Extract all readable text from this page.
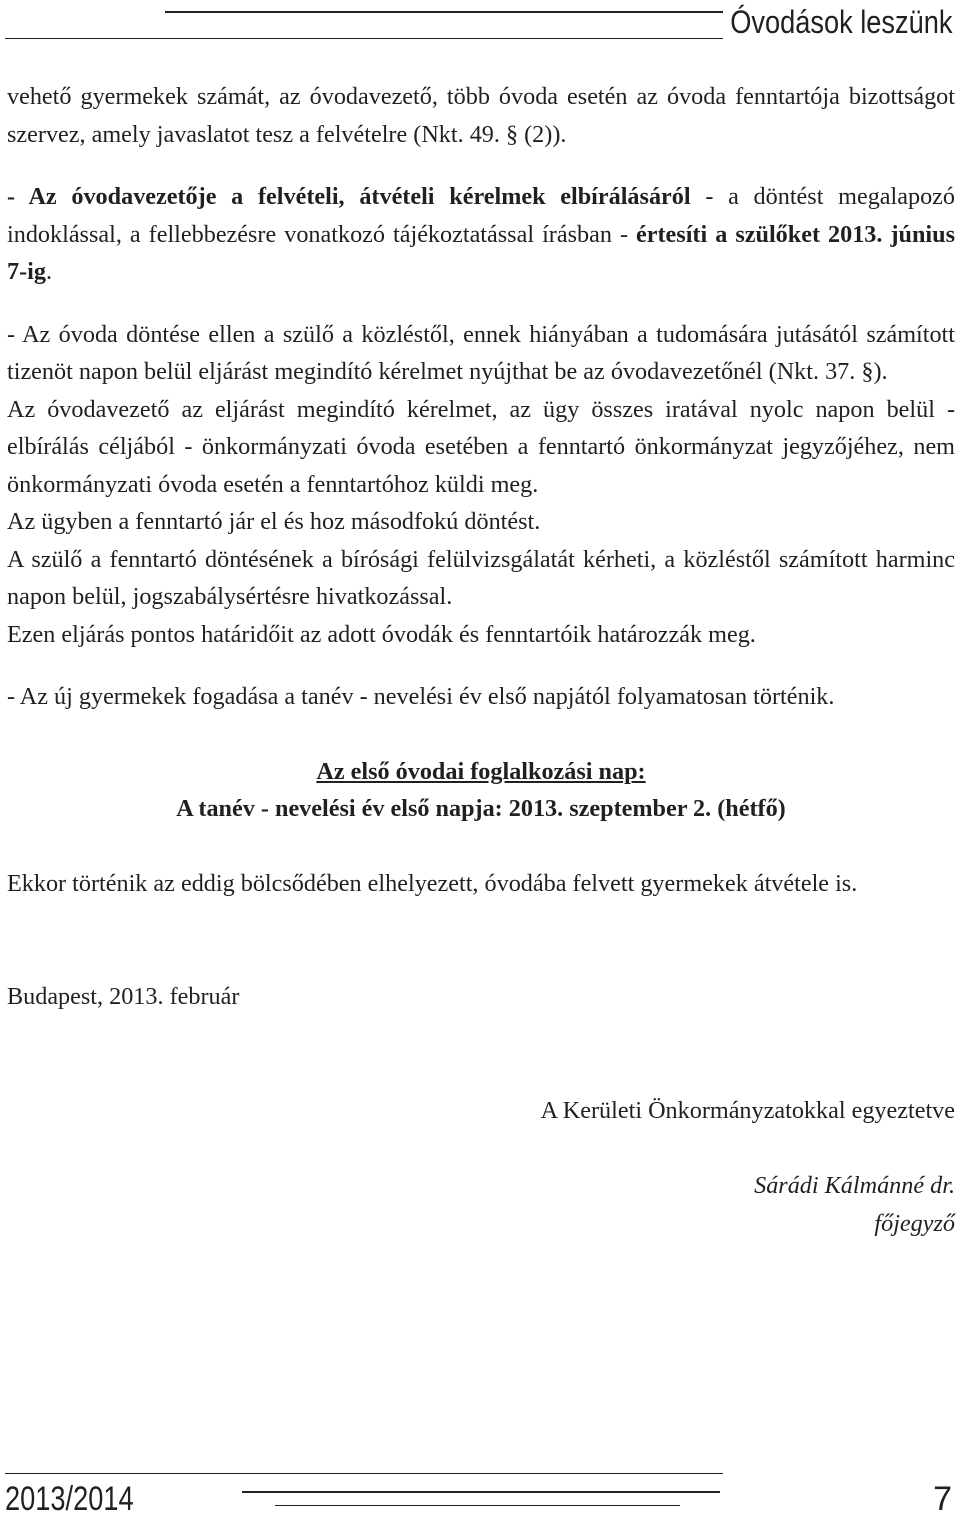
Óvodások leszünk

vehető gyermekek számát, az óvodavezető, több óvoda esetén az óvoda fenntartója bizottságot szervez, amely javaslatot tesz a felvételre (Nkt. 49. § (2)).

- Az óvodavezetője a felvételi, átvételi kérelmek elbírálásáról - a döntést megalapozó indoklással, a fellebbezésre vonatkozó tájékoztatással írásban - értesíti a szülőket 2013. június 7-ig.

- Az óvoda döntése ellen a szülő a közléstől, ennek hiányában a tudomására jutásától számított tizenöt napon belül eljárást megindító kérelmet nyújthat be az óvodavezetőnél (Nkt. 37. §).

Az óvodavezető az eljárást megindító kérelmet, az ügy összes iratával nyolc napon belül - elbírálás céljából - önkormányzati óvoda esetében a fenntartó önkormányzat jegyzőjéhez, nem önkormányzati óvoda esetén a fenntartóhoz küldi meg.

Az ügyben a fenntartó jár el és hoz másodfokú döntést.

A szülő a fenntartó döntésének a bírósági felülvizsgálatát kérheti, a közléstől számított harminc napon belül, jogszabálysértésre hivatkozással.

Ezen eljárás pontos határidőit az adott óvodák és fenntartóik határozzák meg.

- Az új gyermekek fogadása a tanév - nevelési év első napjától folyamatosan történik.

Az első óvodai foglalkozási nap:

A tanév - nevelési év első napja: 2013. szeptember 2. (hétfő)

Ekkor történik az eddig bölcsődében elhelyezett, óvodába felvett gyermekek átvétele is.

Budapest, 2013. február

A Kerületi Önkormányzatokkal egyeztetve

Sárádi Kálmánné dr.

főjegyző

2013/2014	7
